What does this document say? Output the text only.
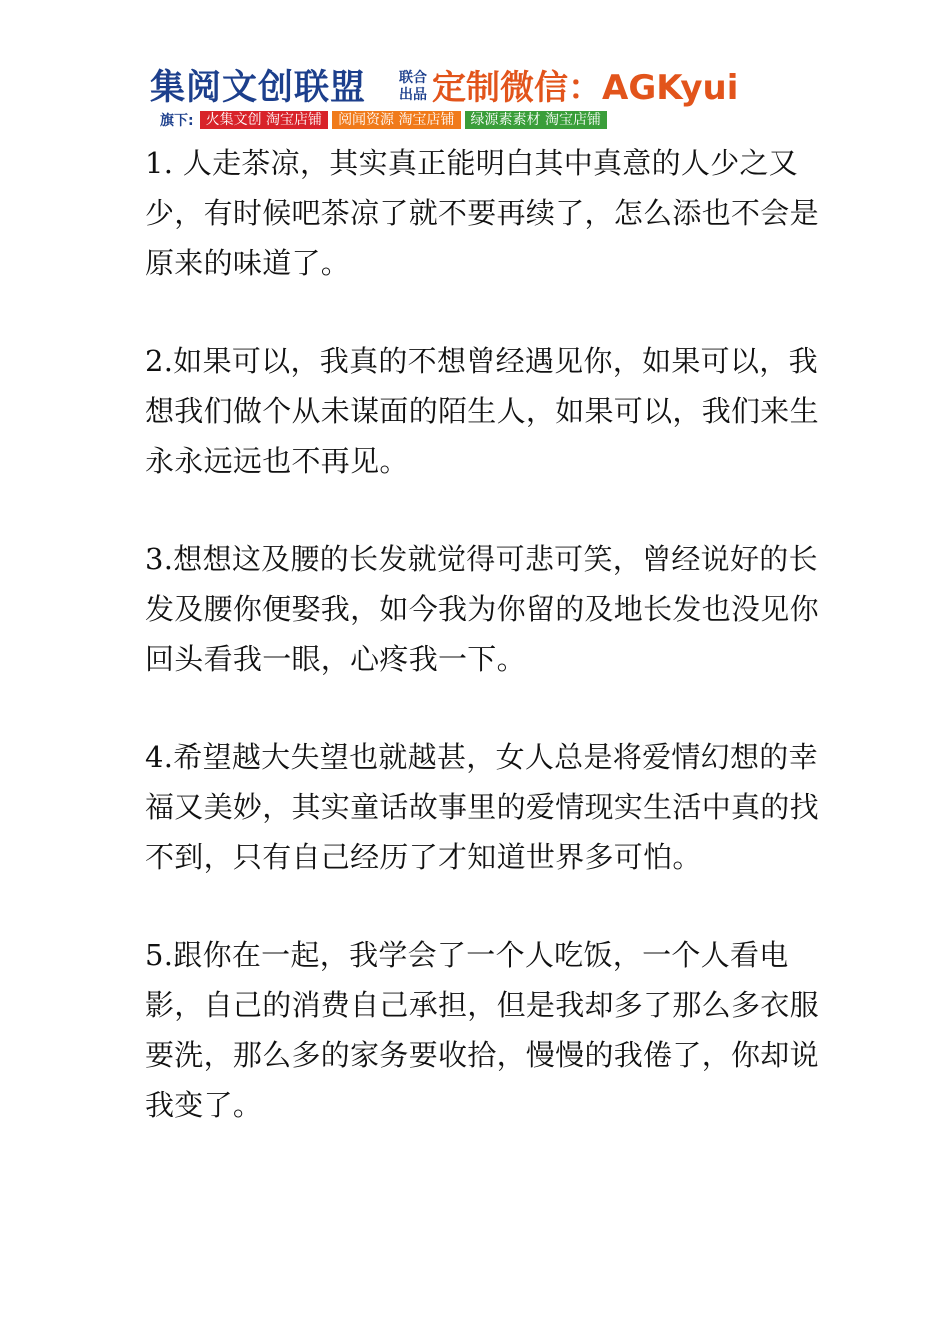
集阅文创联盟 联合出品 定制微信：AGKyui
旗下: 火集文创 淘宝店铺	阅闻资源 淘宝店铺	绿源素素材 淘宝店铺

1. 人走茶凉，其实真正能明白其中真意的人少之又少，有时候吧茶凉了就不要再续了，怎么添也不会是原来的味道了。

2.如果可以，我真的不想曾经遇见你，如果可以，我想我们做个从未谋面的陌生人，如果可以，我们来生永永远远也不再见。

3.想想这及腰的长发就觉得可悲可笑，曾经说好的长发及腰你便娶我，如今我为你留的及地长发也没见你回头看我一眼，心疼我一下。

4.希望越大失望也就越甚，女人总是将爱情幻想的幸福又美妙，其实童话故事里的爱情现实生活中真的找不到，只有自己经历了才知道世界多可怕。

5.跟你在一起，我学会了一个人吃饭，一个人看电影，自己的消费自己承担，但是我却多了那么多衣服要洗，那么多的家务要收拾，慢慢的我倦了，你却说我变了。
